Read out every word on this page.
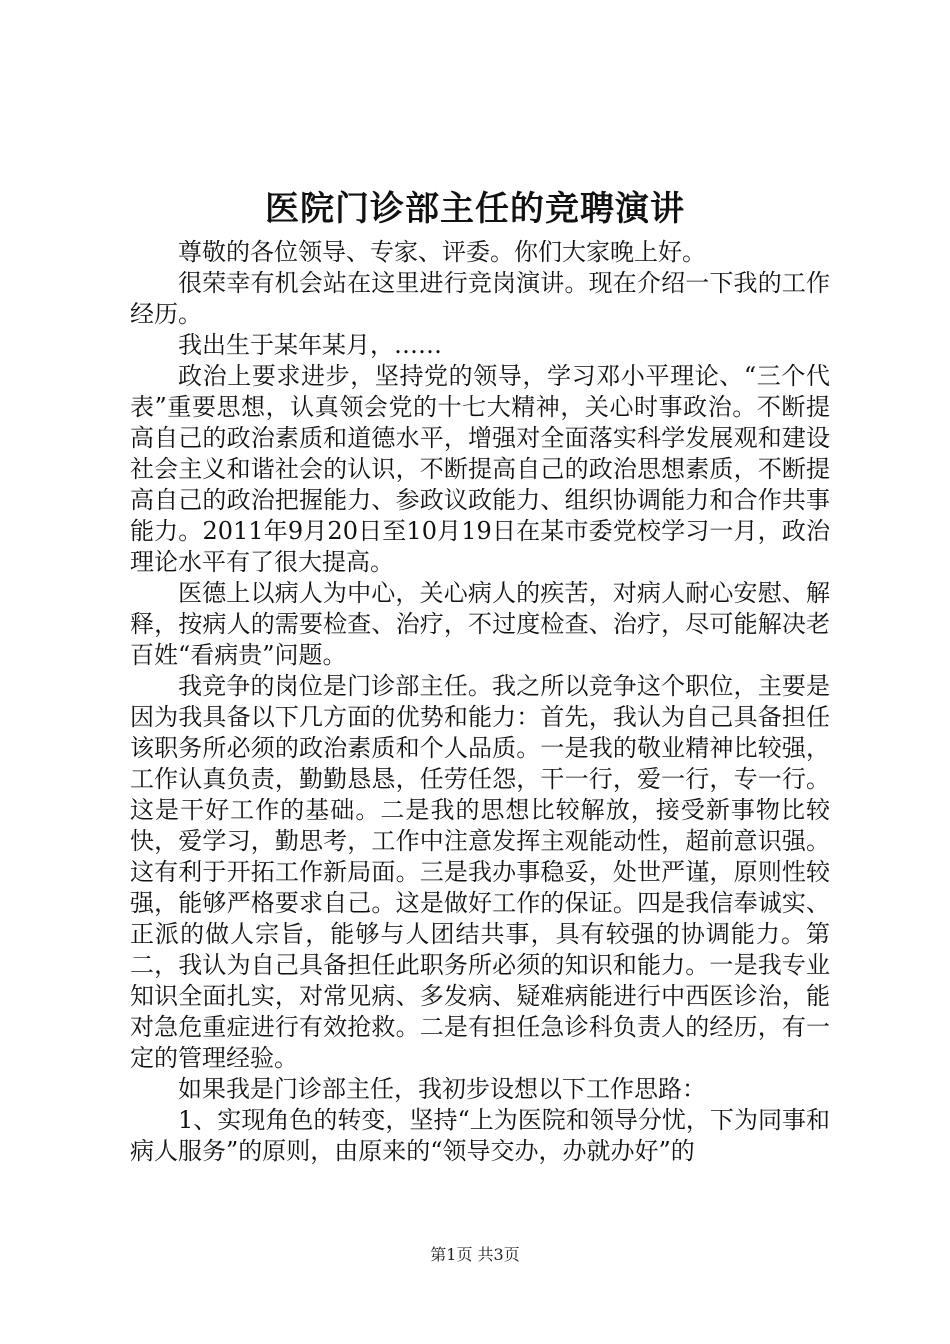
医院门诊部主任的竞聘演讲

尊敬的各位领导、专家、评委。你们大家晚上好。

很荣幸有机会站在这里进行竞岗演讲。现在介绍一下我的工作经历。

我出生于某年某月，……

政治上要求进步，坚持党的领导，学习邓小平理论、“三个代表”重要思想，认真领会党的十七大精神，关心时事政治。不断提高自己的政治素质和道德水平，增强对全面落实科学发展观和建设社会主义和谐社会的认识，不断提高自己的政治思想素质，不断提高自己的政治把握能力、参政议政能力、组织协调能力和合作共事能力。2011年9月20日至10月19日在某市委党校学习一月，政治理论水平有了很大提高。

医德上以病人为中心，关心病人的疾苦，对病人耐心安慰、解释，按病人的需要检查、治疗，不过度检查、治疗，尽可能解决老百姓“看病贵”问题。

我竞争的岗位是门诊部主任。我之所以竞争这个职位，主要是因为我具备以下几方面的优势和能力：首先，我认为自己具备担任该职务所必须的政治素质和个人品质。一是我的敬业精神比较强，工作认真负责，勤勤恳恳，任劳任怨，干一行，爱一行，专一行。这是干好工作的基础。二是我的思想比较解放，接受新事物比较快，爱学习，勤思考，工作中注意发挥主观能动性，超前意识强。这有利于开拓工作新局面。三是我办事稳妥，处世严谨，原则性较强，能够严格要求自己。这是做好工作的保证。四是我信奉诚实、正派的做人宗旨，能够与人团结共事，具有较强的协调能力。第二，我认为自己具备担任此职务所必须的知识和能力。一是我专业知识全面扎实，对常见病、多发病、疑难病能进行中西医诊治，能对急危重症进行有效抢救。二是有担任急诊科负责人的经历，有一定的管理经验。

如果我是门诊部主任，我初步设想以下工作思路：

1、实现角色的转变，坚持“上为医院和领导分忧，下为同事和病人服务”的原则，由原来的“领导交办，办就办好”的

第1页 共3页
